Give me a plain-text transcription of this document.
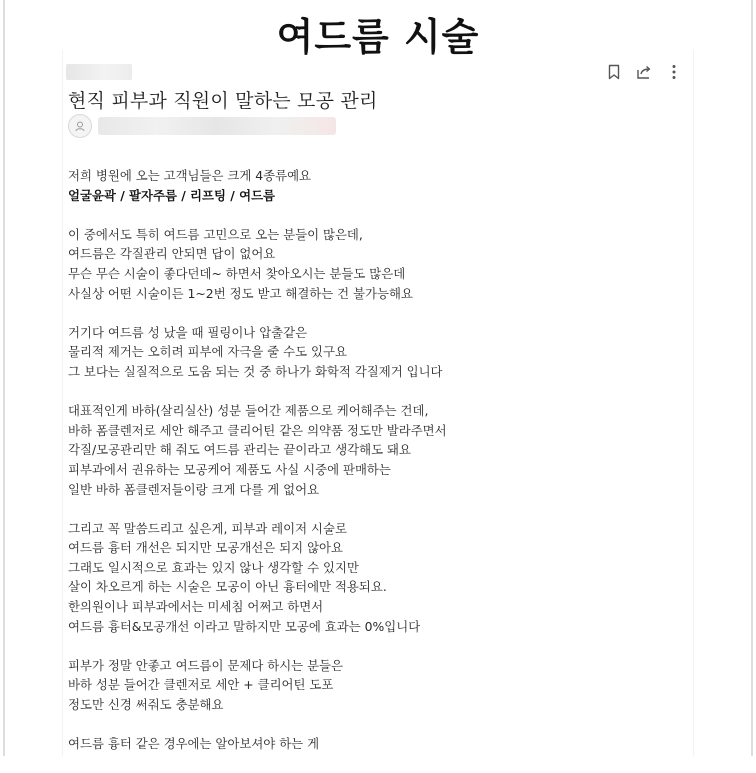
여드름 시술
현직 피부과 직원이 말하는 모공 관리
저희 병원에 오는 고객님들은 크게 4종류예요
얼굴윤곽 / 팔자주름 / 리프팅 / 여드름
이 중에서도 특히 여드름 고민으로 오는 분들이 많은데,
여드름은 각질관리 안되면 답이 없어요
무슨 무슨 시술이 좋다던데~ 하면서 찾아오시는 분들도 많은데
사실상 어떤 시술이든 1~2번 정도 받고 해결하는 건 불가능해요
거기다 여드름 성 났을 때 필링이나 압출같은
물리적 제거는 오히려 피부에 자극을 줄 수도 있구요
그 보다는 실질적으로 도움 되는 것 중 하나가 화학적 각질제거 입니다
대표적인게 바하(살리실산) 성분 들어간 제품으로 케어해주는 건데,
바하 폼클렌저로 세안 해주고 클리어틴 같은 의약품 정도만 발라주면서
각질/모공관리만 해 줘도 여드름 관리는 끝이라고 생각해도 돼요
피부과에서 권유하는 모공케어 제품도 사실 시중에 판매하는
일반 바하 폼클렌저들이랑 크게 다를 게 없어요
그리고 꼭 말씀드리고 싶은게, 피부과 레이저 시술로
여드름 흉터 개선은 되지만 모공개선은 되지 않아요
그래도 일시적으로 효과는 있지 않나 생각할 수 있지만
살이 차오르게 하는 시술은 모공이 아닌 흉터에만 적용되요.
한의원이나 피부과에서는 미세침 어쩌고 하면서
여드름 흉터&모공개선 이라고 말하지만 모공에 효과는 0%입니다
피부가 정말 안좋고 여드름이 문제다 하시는 분들은
바하 성분 들어간 클렌저로 세안 + 클리어틴 도포
정도만 신경 써줘도 충분해요
여드름 흉터 같은 경우에는 알아보셔야 하는 게
